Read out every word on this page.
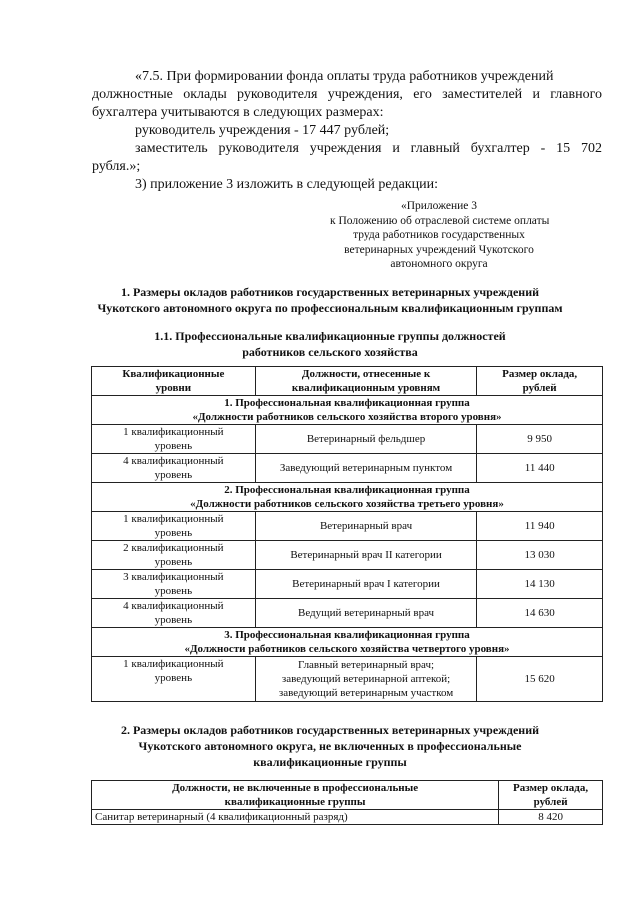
«7.5. При формировании фонда оплаты труда работников учреждений
должностные оклады руководителя учреждения, его заместителей и главного
бухгалтера учитываются в следующих размерах:
руководитель учреждения - 17 447 рублей;
заместитель руководителя учреждения и главный бухгалтер - 15 702
рубля.»;
3) приложение 3 изложить в следующей редакции:
«Приложение 3
к Положению об отраслевой системе оплаты
труда работников государственных
ветеринарных учреждений Чукотского
автономного округа
1. Размеры окладов работников государственных ветеринарных учреждений
Чукотского автономного округа по профессиональным квалификационным группам
1.1. Профессиональные квалификационные группы должностей
работников сельского хозяйства
Квалификационные
уровни	Должности, отнесенные к
квалификационным уровням	Размер оклада,
рублей
1. Профессиональная квалификационная группа
«Должности работников сельского хозяйства второго уровня»		
1 квалификационный
уровень	Ветеринарный фельдшер	9 950
4 квалификационный
уровень	Заведующий ветеринарным пунктом	11 440
2. Профессиональная квалификационная группа
«Должности работников сельского хозяйства третьего уровня»		
1 квалификационный
уровень	Ветеринарный врач	11 940
2 квалификационный
уровень	Ветеринарный врач II категории	13 030
3 квалификационный
уровень	Ветеринарный врач I категории	14 130
4 квалификационный
уровень	Ведущий ветеринарный врач	14 630
3. Профессиональная квалификационная группа
«Должности работников сельского хозяйства четвертого уровня»		
1 квалификационный
уровень	Главный ветеринарный врач;
заведующий ветеринарной аптекой;
заведующий ветеринарным участком	15 620
2. Размеры окладов работников государственных ветеринарных учреждений
Чукотского автономного округа, не включенных в профессиональные
квалификационные группы
Должности, не включенные в профессиональные
квалификационные группы	Размер оклада,
рублей
Санитар ветеринарный (4 квалификационный разряд)	8 420
